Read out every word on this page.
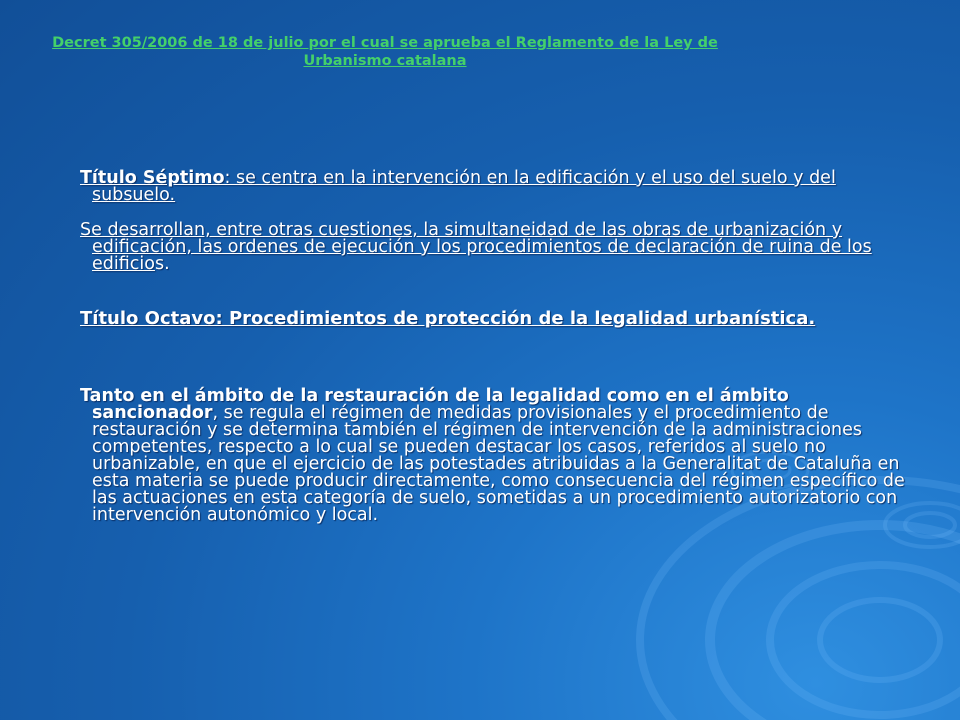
Decret 305/2006 de 18 de julio por el cual se aprueba el Reglamento de la Ley de Urbanismo catalana

Título Séptimo: se centra en la intervención en la edificación y el uso del suelo y del subsuelo.

Se desarrollan, entre otras cuestiones, la simultaneidad de las obras de urbanización y edificación, las ordenes de ejecución y los procedimientos de declaración de ruina de los edificios.

Título Octavo: Procedimientos de protección de la legalidad urbanística.

Tanto en el ámbito de la restauración de la legalidad como en el ámbito sancionador, se regula el régimen de medidas provisionales y el procedimiento de restauración y se determina también el régimen de intervención de la administraciones competentes, respecto a lo cual se pueden destacar los casos, referidos al suelo no urbanizable, en que el ejercicio de las potestades atribuidas a la Generalitat de Cataluña en esta materia se puede producir directamente, como consecuencia del régimen específico de las actuaciones en esta categoría de suelo, sometidas a un procedimiento autorizatorio con intervención autonómico y local.
